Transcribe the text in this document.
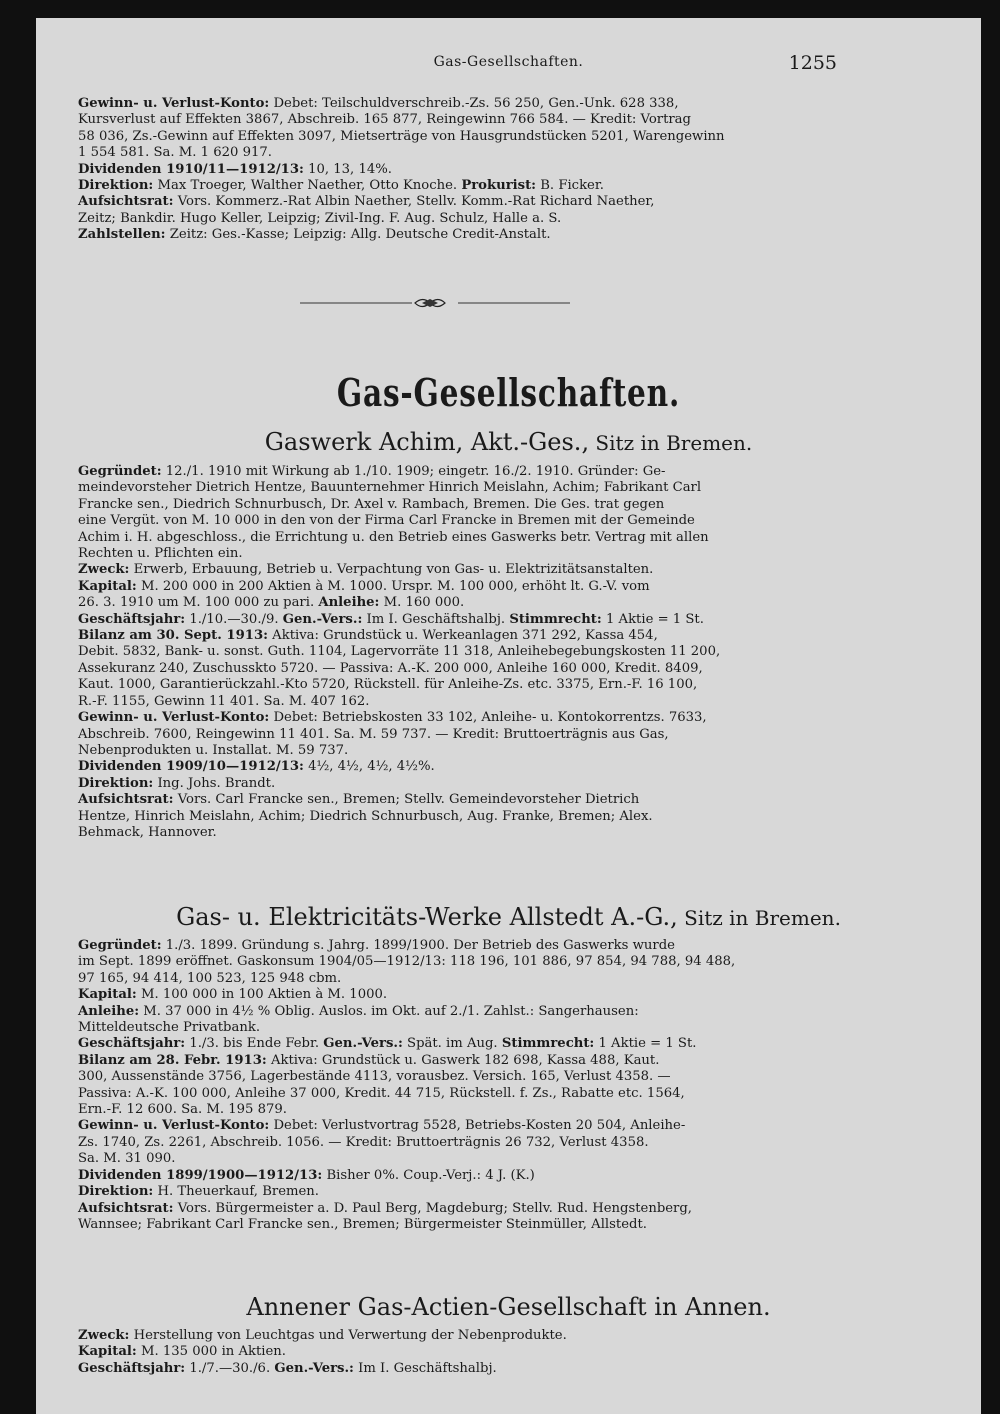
Gas-Gesellschaften.	1255

Gewinn- u. Verlust-Konto: Debet: Teilschuldverschreib.-Zs. 56 250, Gen.-Unk. 628 338,

Kursverlust auf Effekten 3867, Abschreib. 165 877, Reingewinn 766 584. — Kredit: Vortrag

58 036, Zs.-Gewinn auf Effekten 3097, Mietserträge von Hausgrundstücken 5201, Warengewinn

1 554 581. Sa. M. 1 620 917.

Dividenden 1910/11—1912/13: 10, 13, 14%.

Direktion: Max Troeger, Walther Naether, Otto Knoche. Prokurist: B. Ficker.

Aufsichtsrat: Vors. Kommerz.-Rat Albin Naether, Stellv. Komm.-Rat Richard Naether,

Zeitz; Bankdir. Hugo Keller, Leipzig; Zivil-Ing. F. Aug. Schulz, Halle a. S.

Zahlstellen: Zeitz: Ges.-Kasse; Leipzig: Allg. Deutsche Credit-Anstalt.

Gas-Gesellschaften.
Gaswerk Achim, Akt.-Ges., Sitz in Bremen.

Gegründet: 12./1. 1910 mit Wirkung ab 1./10. 1909; eingetr. 16./2. 1910. Gründer: Ge-

meindevorsteher Dietrich Hentze, Bauunternehmer Hinrich Meislahn, Achim; Fabrikant Carl

Francke sen., Diedrich Schnurbusch, Dr. Axel v. Rambach, Bremen. Die Ges. trat gegen

eine Vergüt. von M. 10 000 in den von der Firma Carl Francke in Bremen mit der Gemeinde

Achim i. H. abgeschloss., die Errichtung u. den Betrieb eines Gaswerks betr. Vertrag mit allen

Rechten u. Pflichten ein.

Zweck: Erwerb, Erbauung, Betrieb u. Verpachtung von Gas- u. Elektrizitätsanstalten.

Kapital: M. 200 000 in 200 Aktien à M. 1000. Urspr. M. 100 000, erhöht lt. G.-V. vom

26. 3. 1910 um M. 100 000 zu pari. Anleihe: M. 160 000.

Geschäftsjahr: 1./10.—30./9. Gen.-Vers.: Im I. Geschäftshalbj. Stimmrecht: 1 Aktie = 1 St.

Bilanz am 30. Sept. 1913: Aktiva: Grundstück u. Werkeanlagen 371 292, Kassa 454,

Debit. 5832, Bank- u. sonst. Guth. 1104, Lagervorräte 11 318, Anleihebegebungskosten 11 200,

Assekuranz 240, Zuschusskto 5720. — Passiva: A.-K. 200 000, Anleihe 160 000, Kredit. 8409,

Kaut. 1000, Garantierückzahl.-Kto 5720, Rückstell. für Anleihe-Zs. etc. 3375, Ern.-F. 16 100,

R.-F. 1155, Gewinn 11 401. Sa. M. 407 162.

Gewinn- u. Verlust-Konto: Debet: Betriebskosten 33 102, Anleihe- u. Kontokorrentzs. 7633,

Abschreib. 7600, Reingewinn 11 401. Sa. M. 59 737. — Kredit: Bruttoerträgnis aus Gas,

Nebenprodukten u. Installat. M. 59 737.

Dividenden 1909/10—1912/13: 4½, 4½, 4½, 4½%.

Direktion: Ing. Johs. Brandt.

Aufsichtsrat: Vors. Carl Francke sen., Bremen; Stellv. Gemeindevorsteher Dietrich

Hentze, Hinrich Meislahn, Achim; Diedrich Schnurbusch, Aug. Franke, Bremen; Alex.

Behmack, Hannover.

Gas- u. Elektricitäts-Werke Allstedt A.-G., Sitz in Bremen.

Gegründet: 1./3. 1899. Gründung s. Jahrg. 1899/1900. Der Betrieb des Gaswerks wurde

im Sept. 1899 eröffnet. Gaskonsum 1904/05—1912/13: 118 196, 101 886, 97 854, 94 788, 94 488,

97 165, 94 414, 100 523, 125 948 cbm.

Kapital: M. 100 000 in 100 Aktien à M. 1000.

Anleihe: M. 37 000 in 4½ % Oblig. Auslos. im Okt. auf 2./1. Zahlst.: Sangerhausen:

Mitteldeutsche Privatbank.

Geschäftsjahr: 1./3. bis Ende Febr. Gen.-Vers.: Spät. im Aug. Stimmrecht: 1 Aktie = 1 St.

Bilanz am 28. Febr. 1913: Aktiva: Grundstück u. Gaswerk 182 698, Kassa 488, Kaut.

300, Aussenstände 3756, Lagerbestände 4113, vorausbez. Versich. 165, Verlust 4358. —

Passiva: A.-K. 100 000, Anleihe 37 000, Kredit. 44 715, Rückstell. f. Zs., Rabatte etc. 1564,

Ern.-F. 12 600. Sa. M. 195 879.

Gewinn- u. Verlust-Konto: Debet: Verlustvortrag 5528, Betriebs-Kosten 20 504, Anleihe-

Zs. 1740, Zs. 2261, Abschreib. 1056. — Kredit: Bruttoerträgnis 26 732, Verlust 4358.

Sa. M. 31 090.

Dividenden 1899/1900—1912/13: Bisher 0%. Coup.-Verj.: 4 J. (K.)

Direktion: H. Theuerkauf, Bremen.

Aufsichtsrat: Vors. Bürgermeister a. D. Paul Berg, Magdeburg; Stellv. Rud. Hengstenberg,

Wannsee; Fabrikant Carl Francke sen., Bremen; Bürgermeister Steinmüller, Allstedt.

Annener Gas-Actien-Gesellschaft in Annen.

Zweck: Herstellung von Leuchtgas und Verwertung der Nebenprodukte.

Kapital: M. 135 000 in Aktien.

Geschäftsjahr: 1./7.—30./6. Gen.-Vers.: Im I. Geschäftshalbj.
